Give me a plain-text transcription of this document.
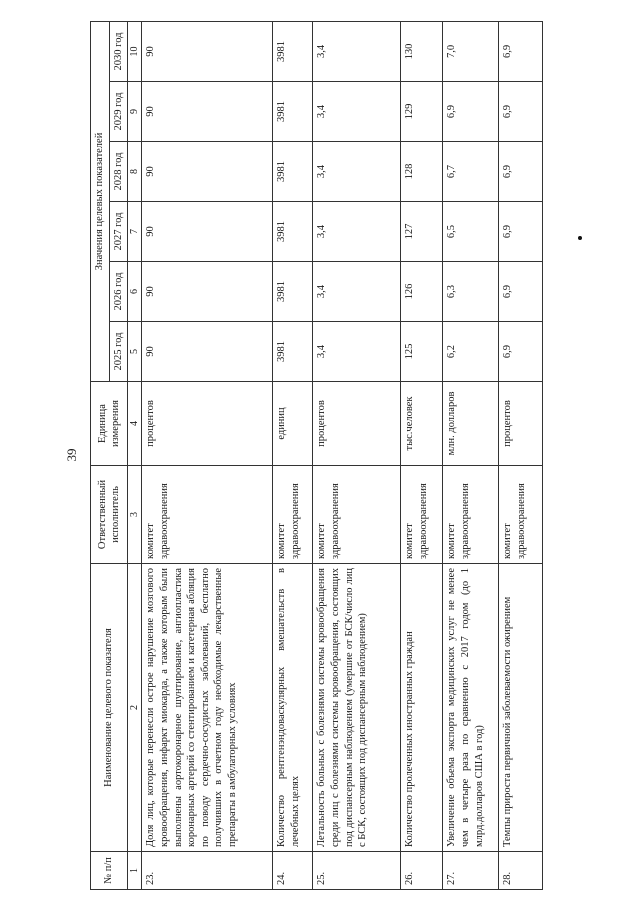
39
№ п/п	Наименование целевого показателя	Ответственный исполнитель	Единица измерения	Значения целевых показателей					
				2025 год	2026 год	2027 год	2028 год	2029 год	2030 год
1	2	3	4	5	6	7	8	9	10
23.	Доля лиц, которые перенесли острое нарушение мозгового кровообращения, инфаркт миокарда, а также которым были выполнены аортокоронарное шунтирование, ангиопластика коронарных артерий со стентированием и катетерная абляция по поводу сердечно-сосудистых заболеваний, бесплатно получивших в отчетном году необходимые лекарственные препараты в амбулаторных условиях	комитет здравоохранения	процентов	90	90	90	90	90	90
24.	Количество рентгенэндоваскулярных вмешательств в лечебных целях	комитет здравоохранения	единиц	3981	3981	3981	3981	3981	3981
25.	Летальность больных с болезнями системы кровообращения среди лиц с болезнями системы кровообращения, состоящих под диспансерным наблюдением (умершие от БСК/число лиц с БСК, состоящих под диспансерным наблюдением)	комитет здравоохранения	процентов	3,4	3,4	3,4	3,4	3,4	3,4
26.	Количество пролеченных иностранных граждан	комитет здравоохранения	тыс.человек	125	126	127	128	129	130
27.	Увеличение объема экспорта медицинских услуг не менее чем в четыре раза по сравнению с 2017 годом (до 1 млрд.долларов США в год)	комитет здравоохранения	млн. долларов	6,2	6,3	6,5	6,7	6,9	7,0
28.	Темпы прироста первичной заболеваемости ожирением	комитет здравоохранения	процентов	6,9	6,9	6,9	6,9	6,9	6,9
